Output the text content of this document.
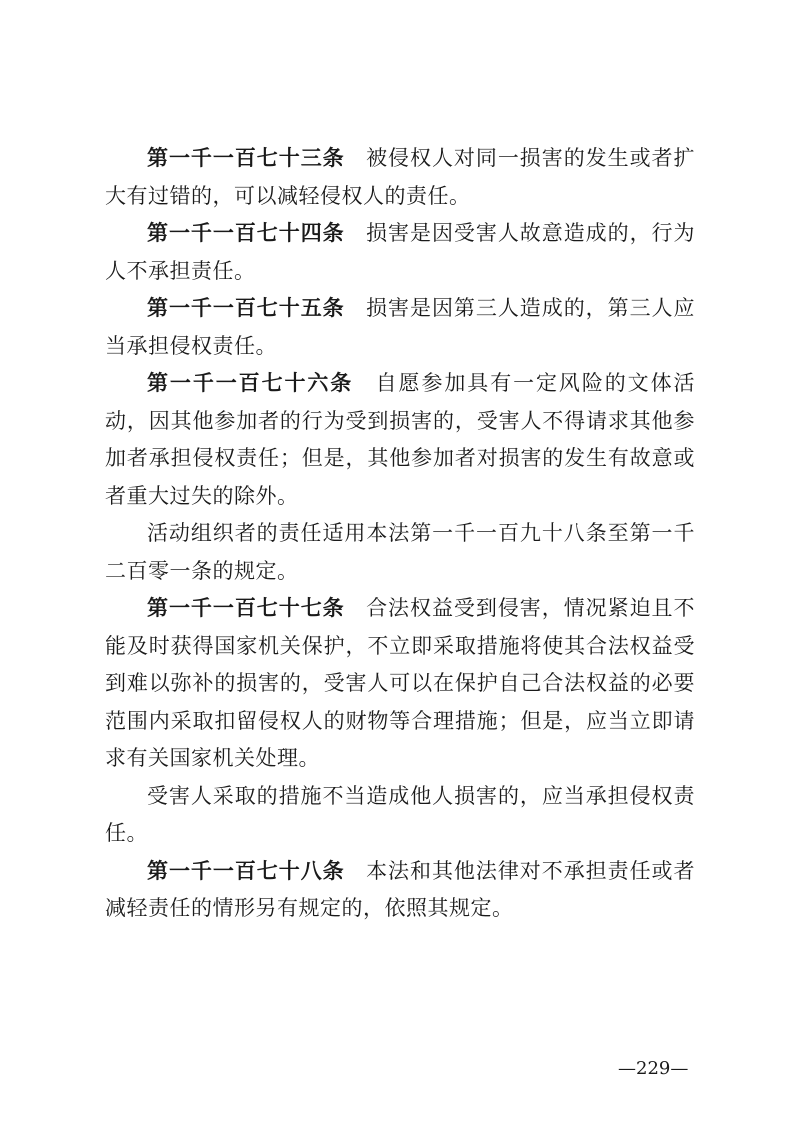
第一千一百七十三条 被侵权人对同一损害的发生或者扩大有过错的，可以减轻侵权人的责任。

第一千一百七十四条 损害是因受害人故意造成的，行为人不承担责任。

第一千一百七十五条 损害是因第三人造成的，第三人应当承担侵权责任。

第一千一百七十六条 自愿参加具有一定风险的文体活动，因其他参加者的行为受到损害的，受害人不得请求其他参加者承担侵权责任；但是，其他参加者对损害的发生有故意或者重大过失的除外。

活动组织者的责任适用本法第一千一百九十八条至第一千二百零一条的规定。

第一千一百七十七条 合法权益受到侵害，情况紧迫且不能及时获得国家机关保护，不立即采取措施将使其合法权益受到难以弥补的损害的，受害人可以在保护自己合法权益的必要范围内采取扣留侵权人的财物等合理措施；但是，应当立即请求有关国家机关处理。

受害人采取的措施不当造成他人损害的，应当承担侵权责任。

第一千一百七十八条 本法和其他法律对不承担责任或者减轻责任的情形另有规定的，依照其规定。

—229—
